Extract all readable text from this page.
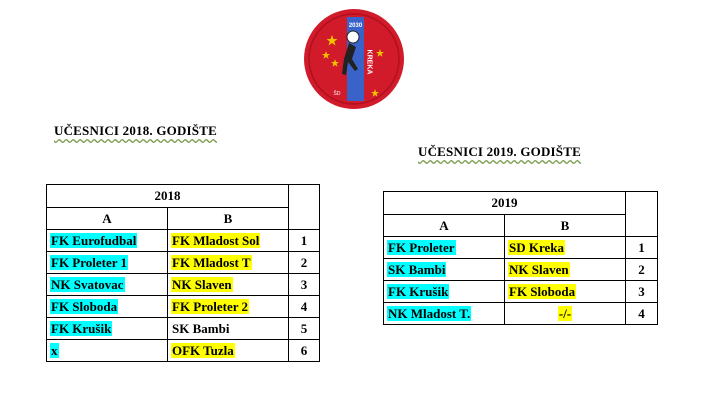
2030
ŠD
KREKA
UČESNICI 2018. GODIŠTE
UČESNICI 2019. GODIŠTE
2018		
A	B	
FK Eurofudbal	FK Mladost Sol	1
FK Proleter 1	FK Mladost T	2
NK Svatovac	NK Slaven	3
FK Sloboda	FK Proleter 2	4
FK Krušik	SK Bambi	5
x	OFK Tuzla	6
2019		
A	B	
FK Proleter	SD Kreka	1
SK Bambi	NK Slaven	2
FK Krušik	FK Sloboda	3
NK Mladost T.	-/-	4
